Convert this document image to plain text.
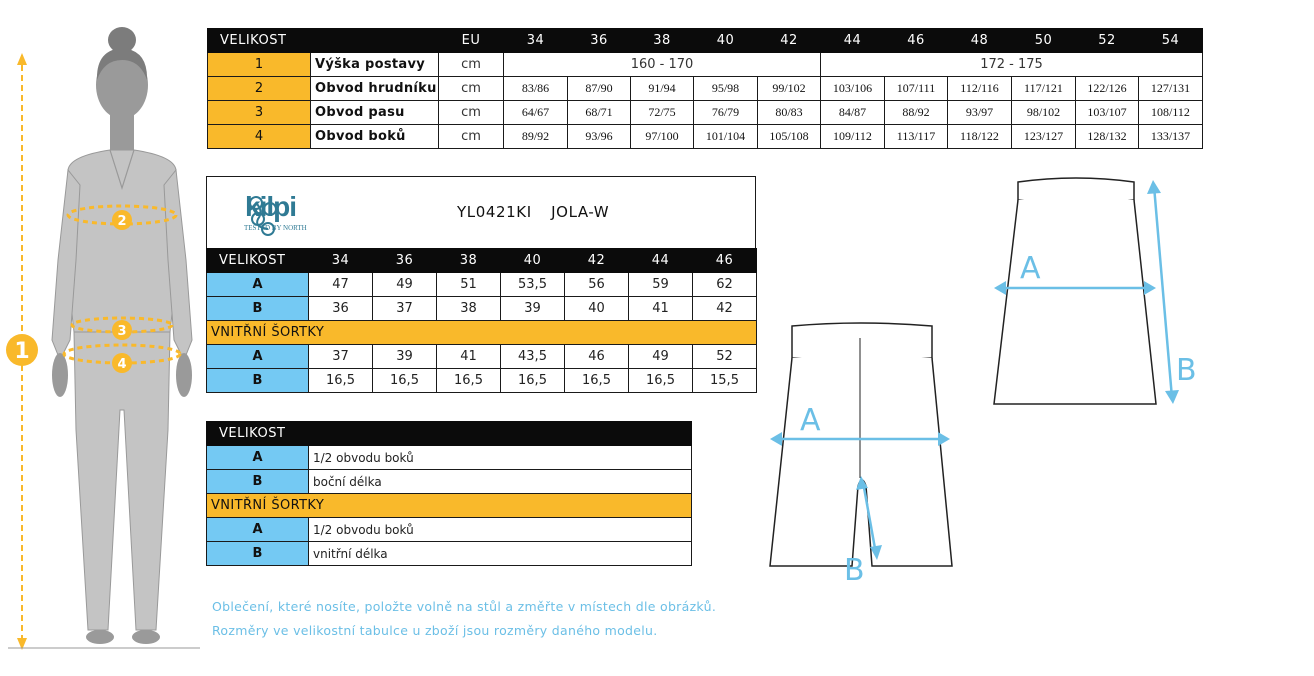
1
2
3
4
VELIKOST		EU	34	36	38	40	42	44	46	48	50	52	54
1	Výška postavy	cm	160 - 170					172 - 175					
2	Obvod hrudníku	cm	83/86	87/90	91/94	95/98	99/102	103/106	107/111	112/116	117/121	122/126	127/131
3	Obvod pasu	cm	64/67	68/71	72/75	76/79	80/83	84/87	88/92	93/97	98/102	103/107	108/112
4	Obvod boků	cm	89/92	93/96	97/100	101/104	105/108	109/112	113/117	118/122	123/127	128/132	133/137
kilpi
TESTED BY NORTH
YL0421KI JOLA-W
VELIKOST	34	36	38	40	42	44	46
A	47	49	51	53,5	56	59	62
B	36	37	38	39	40	41	42
VNITŘNÍ ŠORTKY							
A	37	39	41	43,5	46	49	52
B	16,5	16,5	16,5	16,5	16,5	16,5	15,5
VELIKOST	
A	1/2 obvodu boků
B	boční délka
VNITŘNÍ ŠORTKY	
A	1/2 obvodu boků
B	vnitřní délka
A
B
A
B
Oblečení, které nosíte, položte volně na stůl a změřte v místech dle obrázků.
Rozměry ve velikostní tabulce u zboží jsou rozměry daného modelu.
